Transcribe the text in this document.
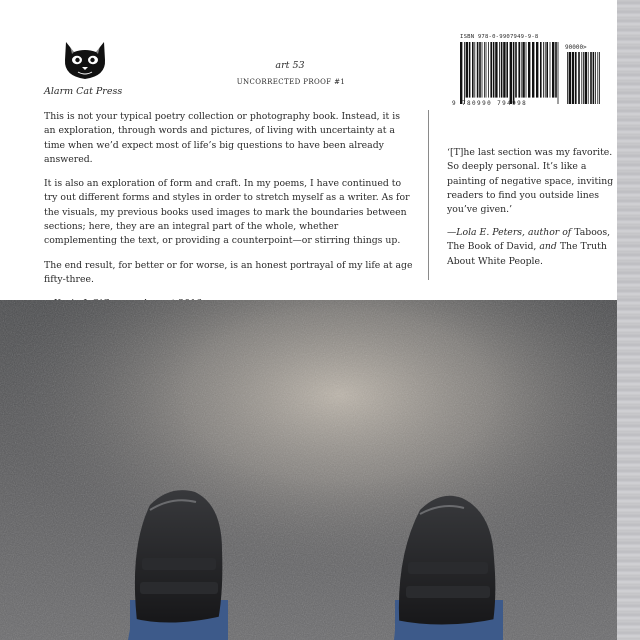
Alarm Cat Press
art 53
UNCORRECTED PROOF #1
ISBN 978-0-9907949-9-8
90000>
9 780990 794998

This is not your typical poetry collection or photography book. Instead, it is an exploration, through words and pictures, of living with uncertainty at a time when we’d expect most of life’s big questions to have been already answered.

It is also an exploration of form and craft. In my poems, I have continued to try out different forms and styles in order to stretch myself as a writer. As for the visuals, my previous books used images to mark the boundaries between sections; here, they are an integral part of the whole, whether complementing the text, or providing a counterpoint—or stirring things up.

The end result, for better or for worse, is an honest portrayal of my life at age fifty-three.

‘[T]he last section was my favorite. So deeply personal. It’s like a painting of negative space, inviting readers to find you outside lines you’ve given.’
—Lola E. Peters, author of Taboos, The Book of David, and The Truth About White People.
